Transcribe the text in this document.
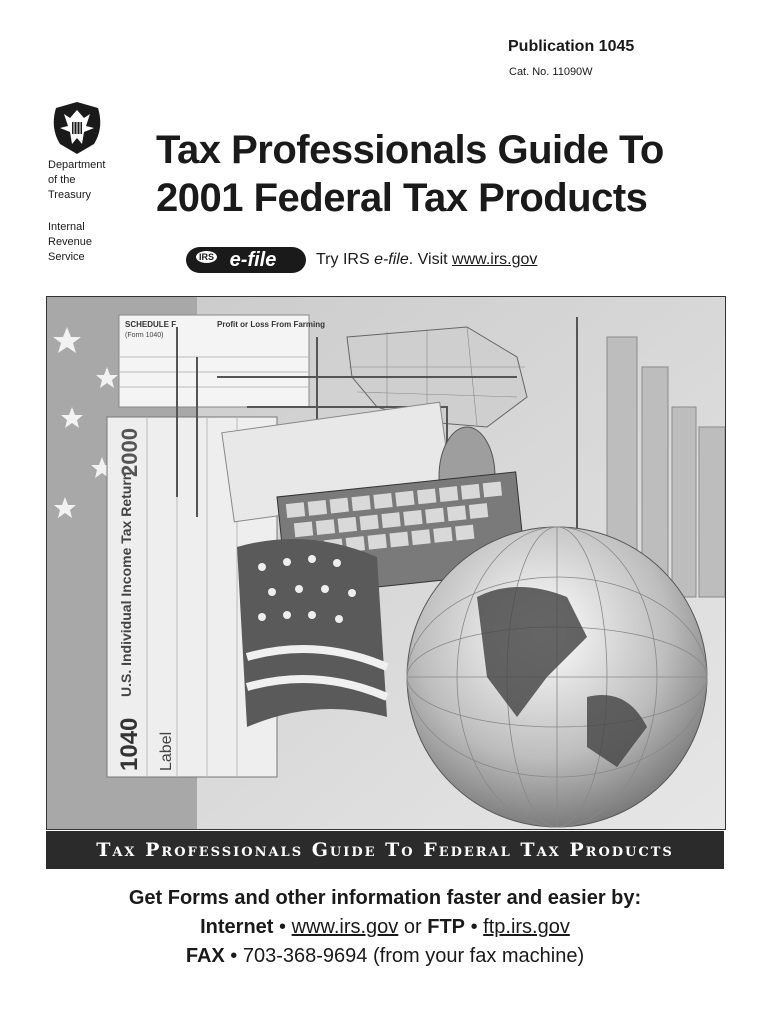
Publication 1045
Cat. No. 11090W
Department
of the
Treasury
Internal
Revenue
Service
Tax Professionals Guide To
2001 Federal Tax Products
IRS e-file Try IRS e-file. Visit www.irs.gov
1040
U.S. Individual Income Tax Return
2000
Label
SCHEDULE F
(Form 1040)
Profit or Loss From Farming
Tax Professionals Guide To Federal Tax Products
Get Forms and other information faster and easier by:
Internet • www.irs.gov or FTP • ftp.irs.gov
FAX • 703-368-9694 (from your fax machine)
